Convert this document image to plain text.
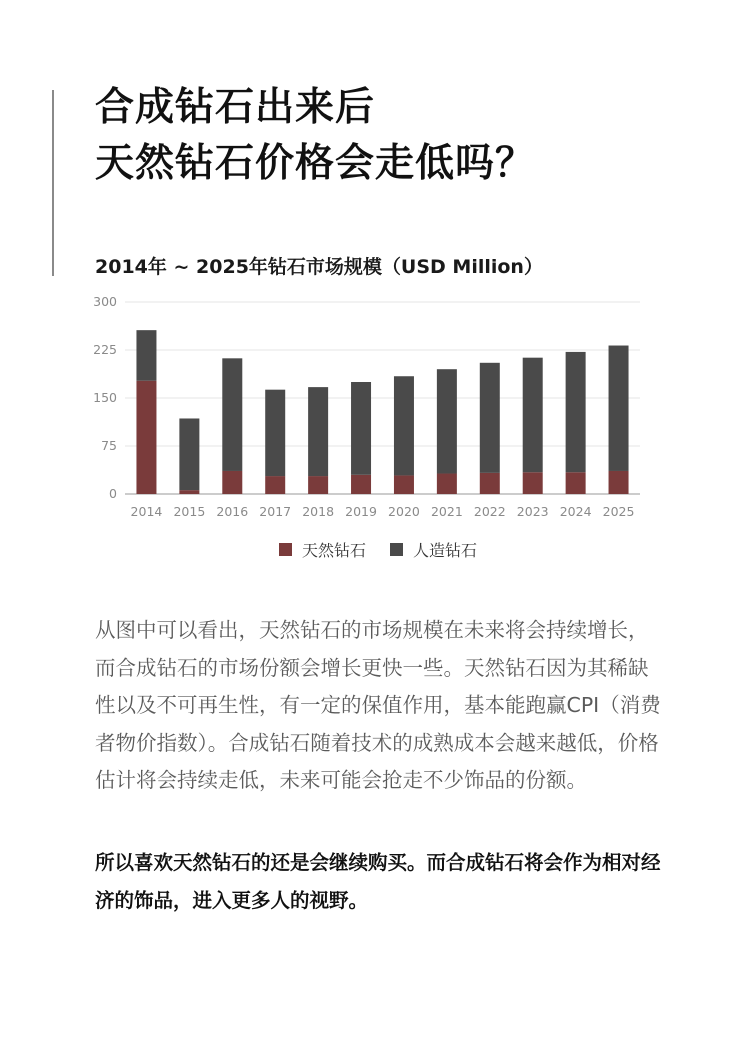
合成钻石出来后
天然钻石价格会走低吗？
2014年 ~ 2025年钻石市场规模（USD Million）
0
75
150
225
300
2014 2015 2016 2017 2018 2019 2020 2021 2022 2023 2024 2025
天然钻石	人造钻石

从图中可以看出，天然钻石的市场规模在未来将会持续增长，而合成钻石的市场份额会增长更快一些。天然钻石因为其稀缺性以及不可再生性，有一定的保值作用，基本能跑赢CPI（消费者物价指数）。合成钻石随着技术的成熟成本会越来越低，价格估计将会持续走低，未来可能会抢走不少饰品的份额。

所以喜欢天然钻石的还是会继续购买。而合成钻石将会作为相对经济的饰品，进入更多人的视野。
